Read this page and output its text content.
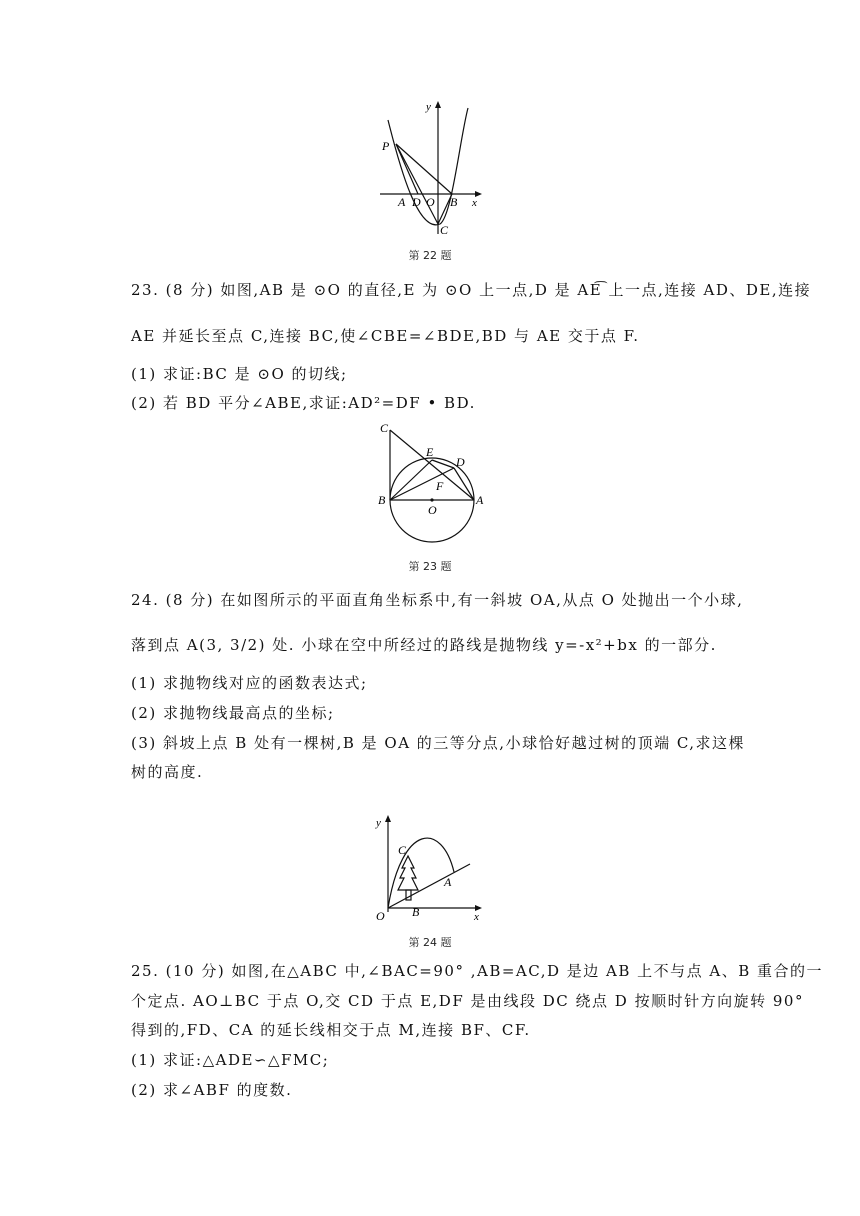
y
x
P
A D O B
C
第 22 题
23. (8 分) 如图,AB 是 ⊙O 的直径,E 为 ⊙O 上一点,D 是 AE͡ 上一点,连接 AD、DE,连接
AE 并延长至点 C,连接 BC,使∠CBE=∠BDE,BD 与 AE 交于点 F.
(1) 求证:BC 是 ⊙O 的切线;
(2) 若 BD 平分∠ABE,求证:AD²=DF • BD.
C
E
D
F
B
O
A
第 23 题
24. (8 分) 在如图所示的平面直角坐标系中,有一斜坡 OA,从点 O 处抛出一个小球,
落到点 A(3, 3/2) 处. 小球在空中所经过的路线是抛物线 y=-x²+bx 的一部分.
(1) 求抛物线对应的函数表达式;
(2) 求抛物线最高点的坐标;
(3) 斜坡上点 B 处有一棵树,B 是 OA 的三等分点,小球恰好越过树的顶端 C,求这棵
树的高度.
y
x
C
A
O B
第 24 题
25. (10 分) 如图,在△ABC 中,∠BAC=90° ,AB=AC,D 是边 AB 上不与点 A、B 重合的一
个定点. AO⊥BC 于点 O,交 CD 于点 E,DF 是由线段 DC 绕点 D 按顺时针方向旋转 90°
得到的,FD、CA 的延长线相交于点 M,连接 BF、CF.
(1) 求证:△ADE∽△FMC;
(2) 求∠ABF 的度数.
